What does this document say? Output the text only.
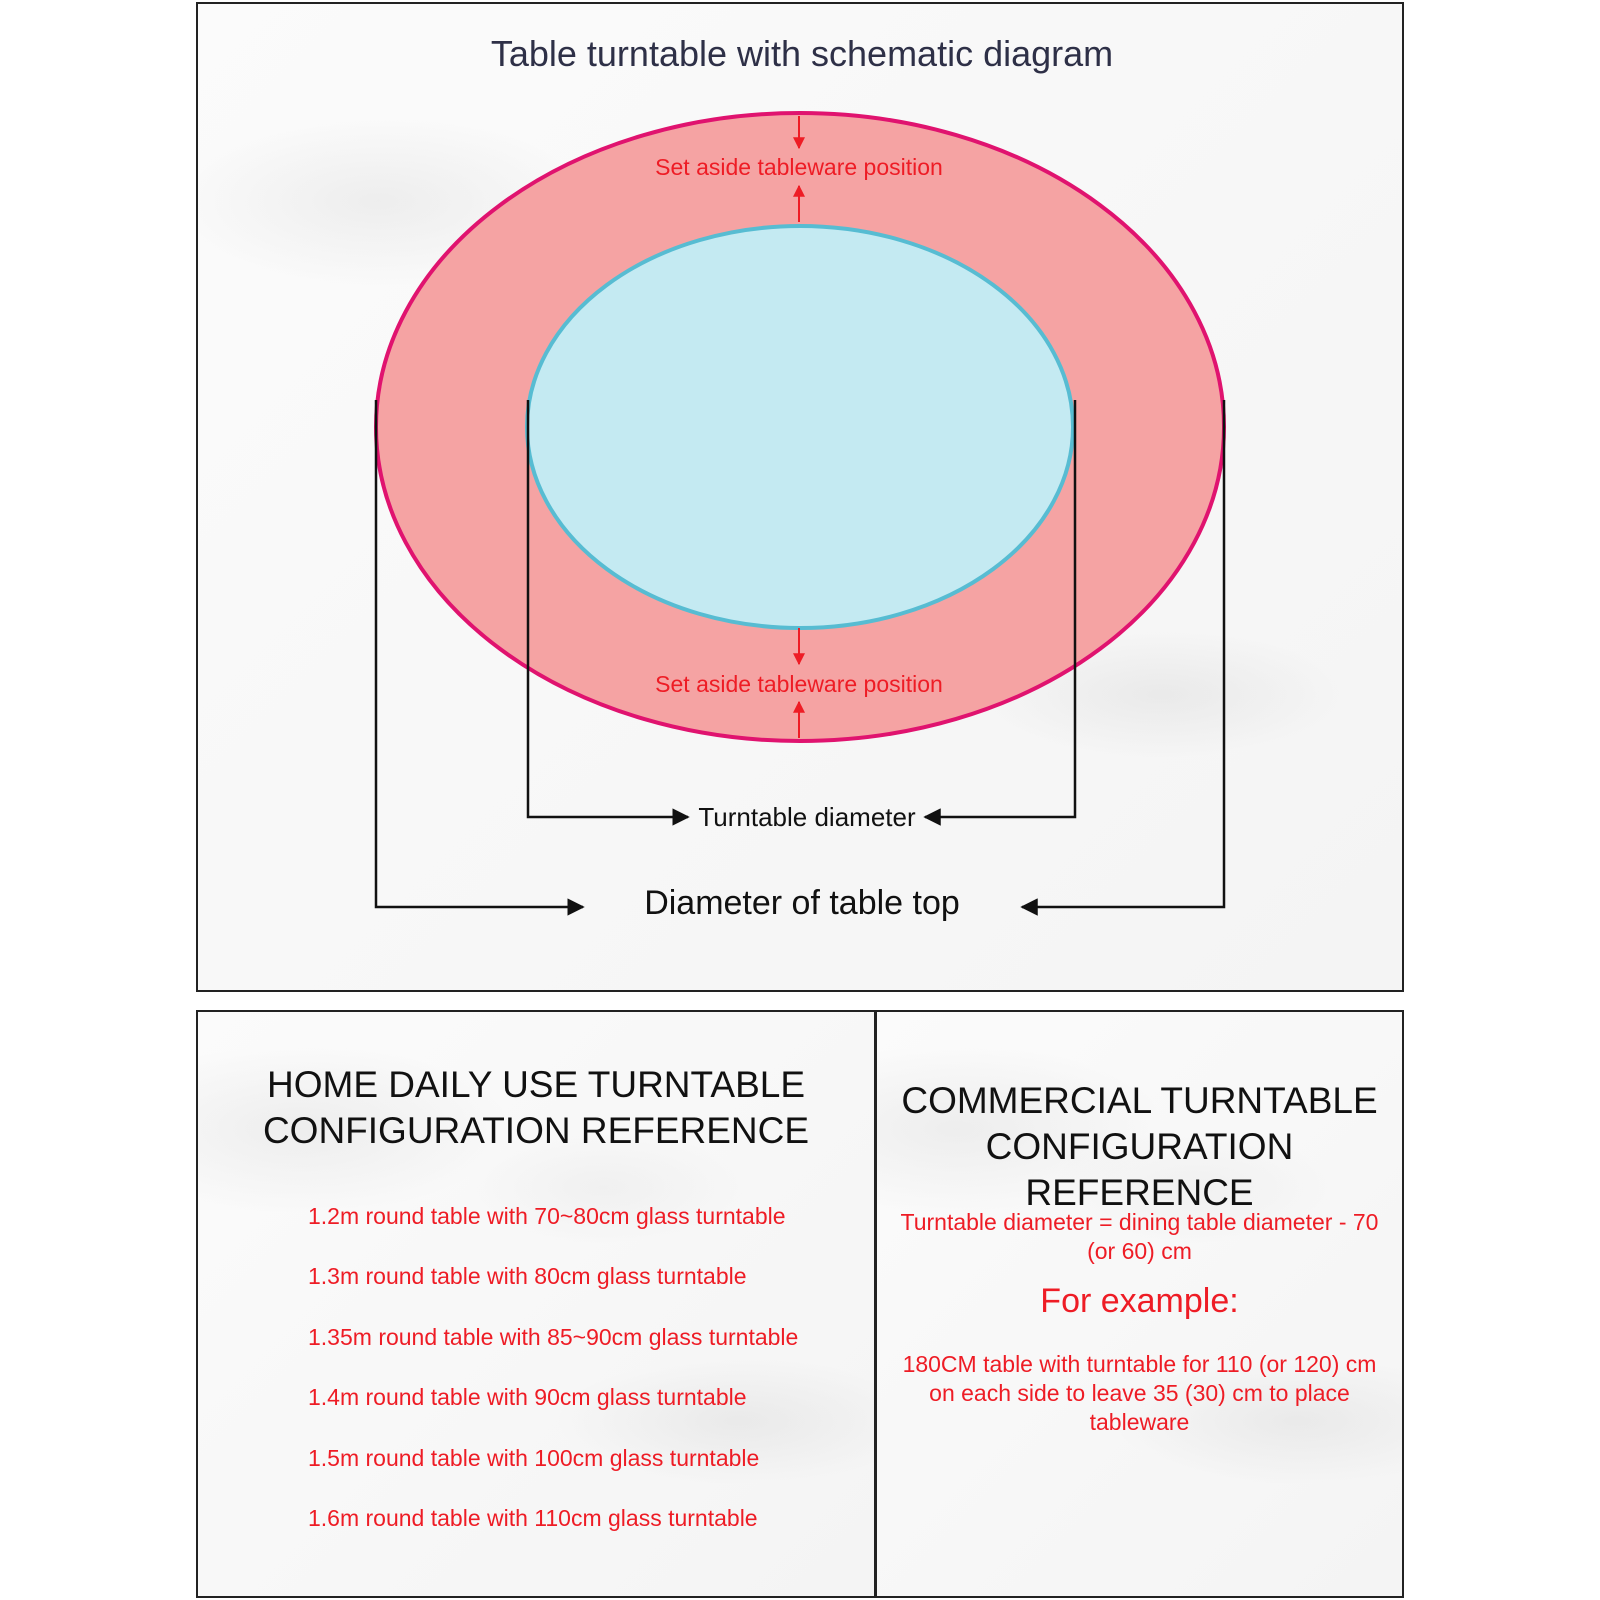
Table turntable with schematic diagram
Set aside tableware position
Set aside tableware position
Turntable diameter
Diameter of table top
HOME DAILY USE TURNTABLE
CONFIGURATION REFERENCE
1.2m round table with 70~80cm glass turntable
1.3m round table with 80cm glass turntable
1.35m round table with 85~90cm glass turntable
1.4m round table with 90cm glass turntable
1.5m round table with 100cm glass turntable
1.6m round table with 110cm glass turntable
COMMERCIAL TURNTABLE
CONFIGURATION REFERENCE
Turntable diameter = dining table diameter - 70 (or 60) cm
For example:
180CM table with turntable for 110 (or 120) cm on each side to leave 35 (30) cm to place tableware
